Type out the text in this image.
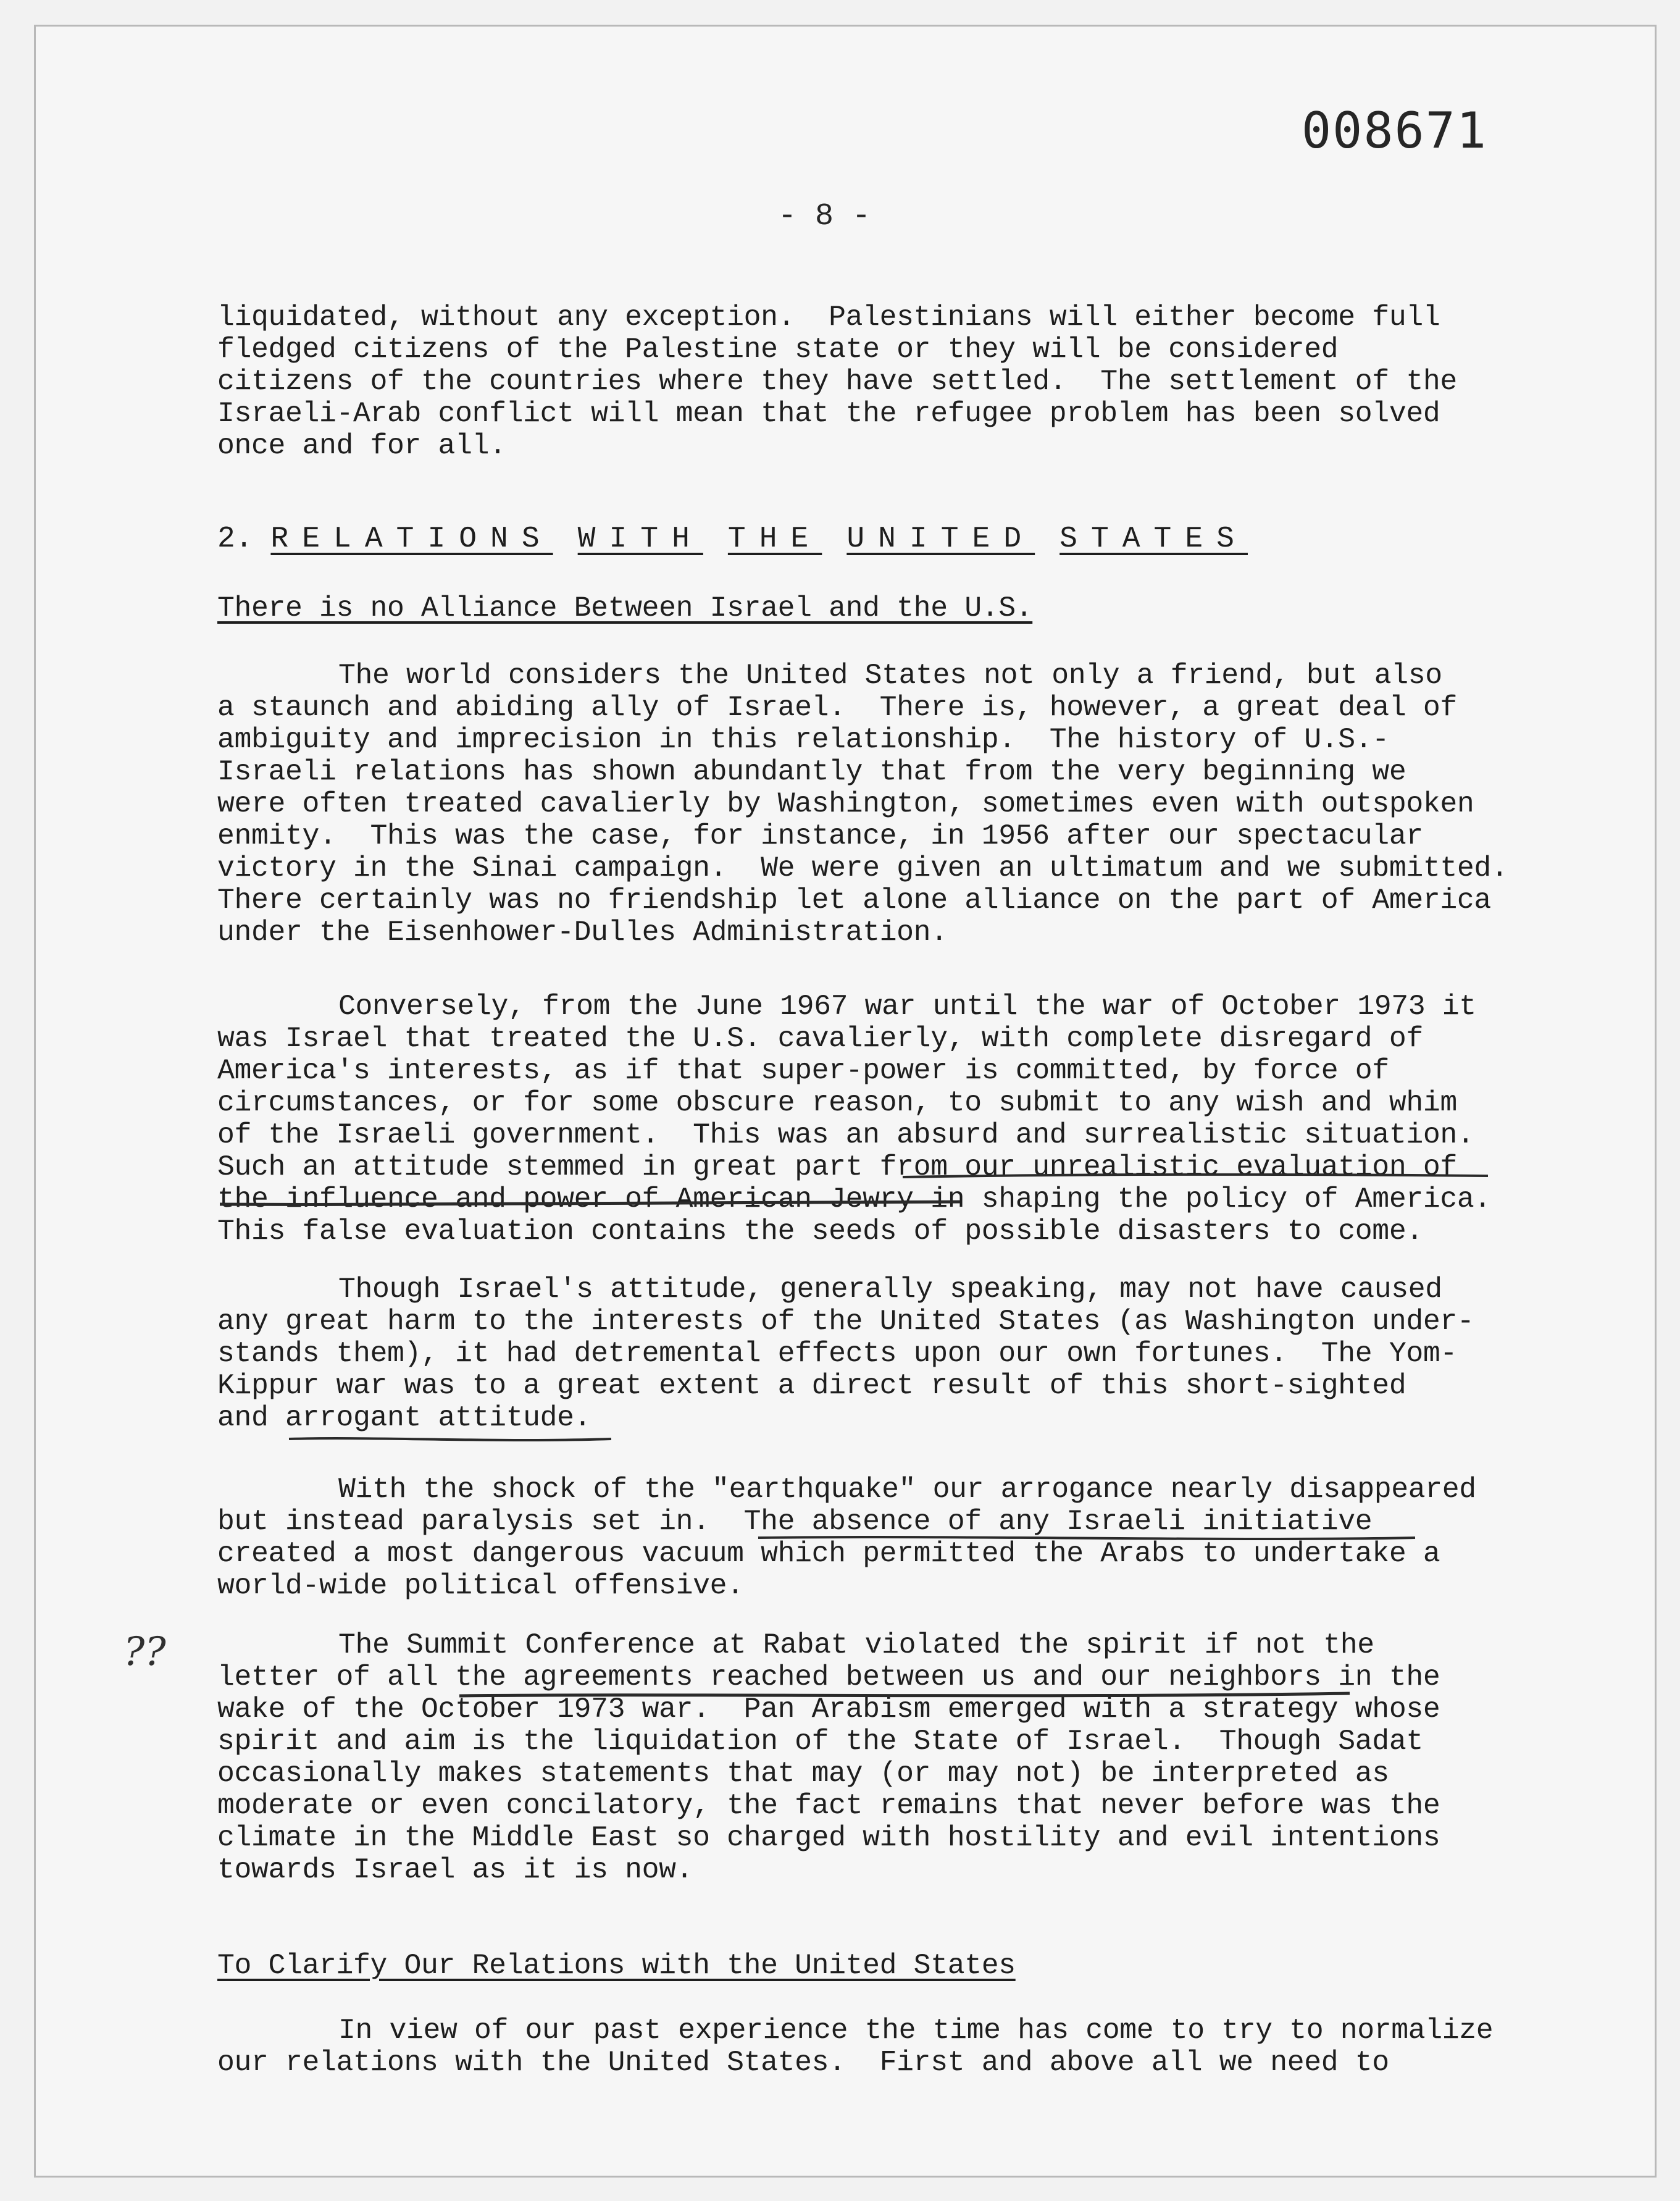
008671
- 8 -
liquidated, without any exception.  Palestinians will either become full
fledged citizens of the Palestine state or they will be considered
citizens of the countries where they have settled.  The settlement of the
Israeli-Arab conflict will mean that the refugee problem has been solved
once and for all.
2. RELATIONS WITH THE UNITED STATES
There is no Alliance Between Israel and the U.S.
The world considers the United States not only a friend, but also
a staunch and abiding ally of Israel.  There is, however, a great deal of
ambiguity and imprecision in this relationship.  The history of U.S.-
Israeli relations has shown abundantly that from the very beginning we
were often treated cavalierly by Washington, sometimes even with outspoken
enmity.  This was the case, for instance, in 1956 after our spectacular
victory in the Sinai campaign.  We were given an ultimatum and we submitted.
There certainly was no friendship let alone alliance on the part of America
under the Eisenhower-Dulles Administration.
Conversely, from the June 1967 war until the war of October 1973 it
was Israel that treated the U.S. cavalierly, with complete disregard of
America's interests, as if that super-power is committed, by force of
circumstances, or for some obscure reason, to submit to any wish and whim
of the Israeli government.  This was an absurd and surrealistic situation.
Such an attitude stemmed in great part from our unrealistic evaluation of
the influence and power of American Jewry in shaping the policy of America.
This false evaluation contains the seeds of possible disasters to come.
Though Israel's attitude, generally speaking, may not have caused
any great harm to the interests of the United States (as Washington under-
stands them), it had detremental effects upon our own fortunes.  The Yom-
Kippur war was to a great extent a direct result of this short-sighted
and arrogant attitude.
With the shock of the "earthquake" our arrogance nearly disappeared
but instead paralysis set in.  The absence of any Israeli initiative
created a most dangerous vacuum which permitted the Arabs to undertake a
world-wide political offensive.
The Summit Conference at Rabat violated the spirit if not the
letter of all the agreements reached between us and our neighbors in the
wake of the October 1973 war.  Pan Arabism emerged with a strategy whose
spirit and aim is the liquidation of the State of Israel.  Though Sadat
occasionally makes statements that may (or may not) be interpreted as
moderate or even concilatory, the fact remains that never before was the
climate in the Middle East so charged with hostility and evil intentions
towards Israel as it is now.
To Clarify Our Relations with the United States
In view of our past experience the time has come to try to normalize
our relations with the United States.  First and above all we need to
??
